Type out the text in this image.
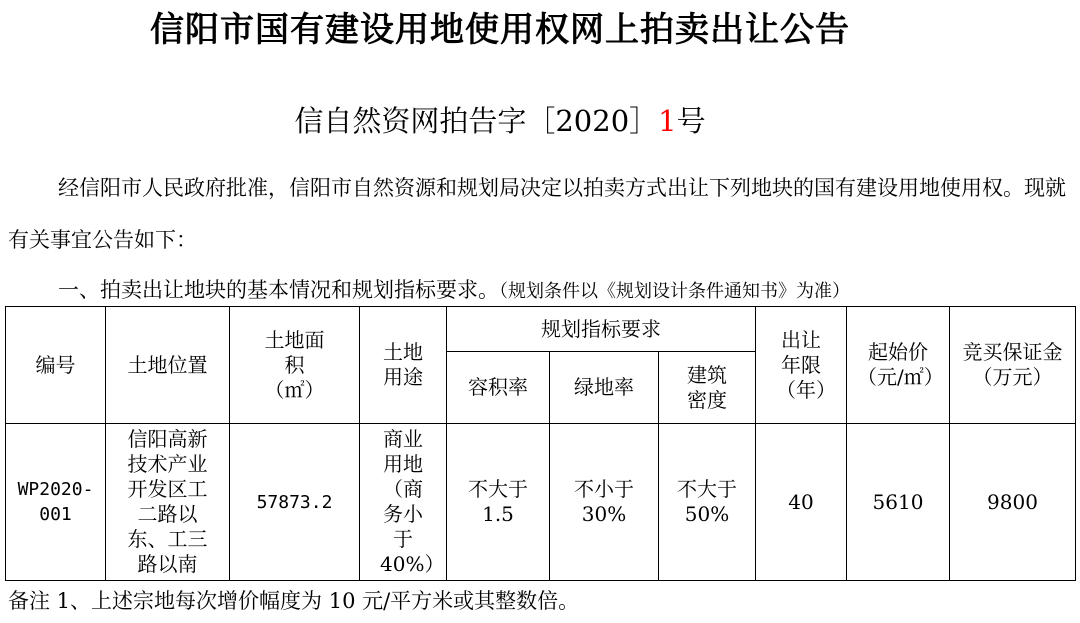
信阳市国有建设用地使用权网上拍卖出让公告
信自然资网拍告字［2020］1号

经信阳市人民政府批准，信阳市自然资源和规划局决定以拍卖方式出让下列地块的国有建设用地使用权。现就有关事宜公告如下：

一、拍卖出让地块的基本情况和规划指标要求。（规划条件以《规划设计条件通知书》为准）
编号	土地位置	土地面积（㎡）	土地用途	规划指标要求			出让年限（年）	起始价（元/㎡）	竞买保证金（万元）
				容积率	绿地率	建筑密度			
WP2020-001	信阳高新技术产业开发区工二路以东、工三路以南	57873.2	商业用地（商务小于40%）	不大于1.5	不小于30%	不大于50%	40	5610	9800
备注 1、上述宗地每次增价幅度为 10 元/平方米或其整数倍。
